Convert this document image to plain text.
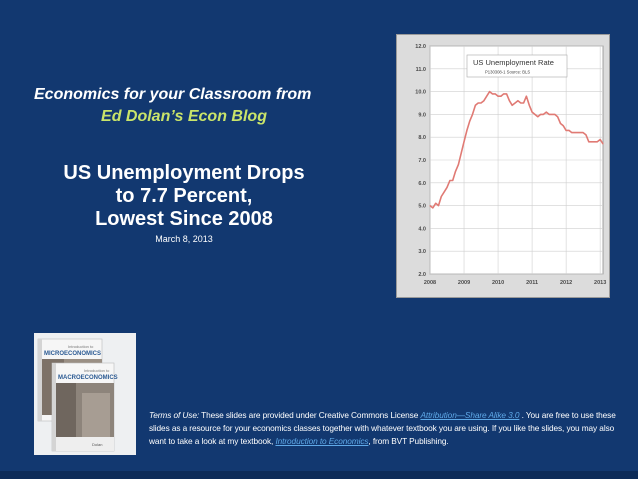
Economics for your Classroom from
Ed Dolan’s Econ Blog
US Unemployment Drops
to 7.7 Percent,
Lowest Since 2008
March 8, 2013
2.0
3.0
4.0
5.0
6.0
7.0
8.0
9.0
10.0
11.0
12.0
2008	2009	2010	2011	2012	2013
US Unemployment Rate
P130308-1 Source: BLS
Introduction to
MICROECONOMICS
Introduction to
MACROECONOMICS
Dolan
Terms of Use: These slides are provided under Creative Commons License Attribution—Share Alike 3.0 . You are free to use these slides as a resource for your economics classes together with whatever textbook you are using. If you like the slides, you may also want to take a look at my textbook, Introduction to Economics, from BVT Publishing.
